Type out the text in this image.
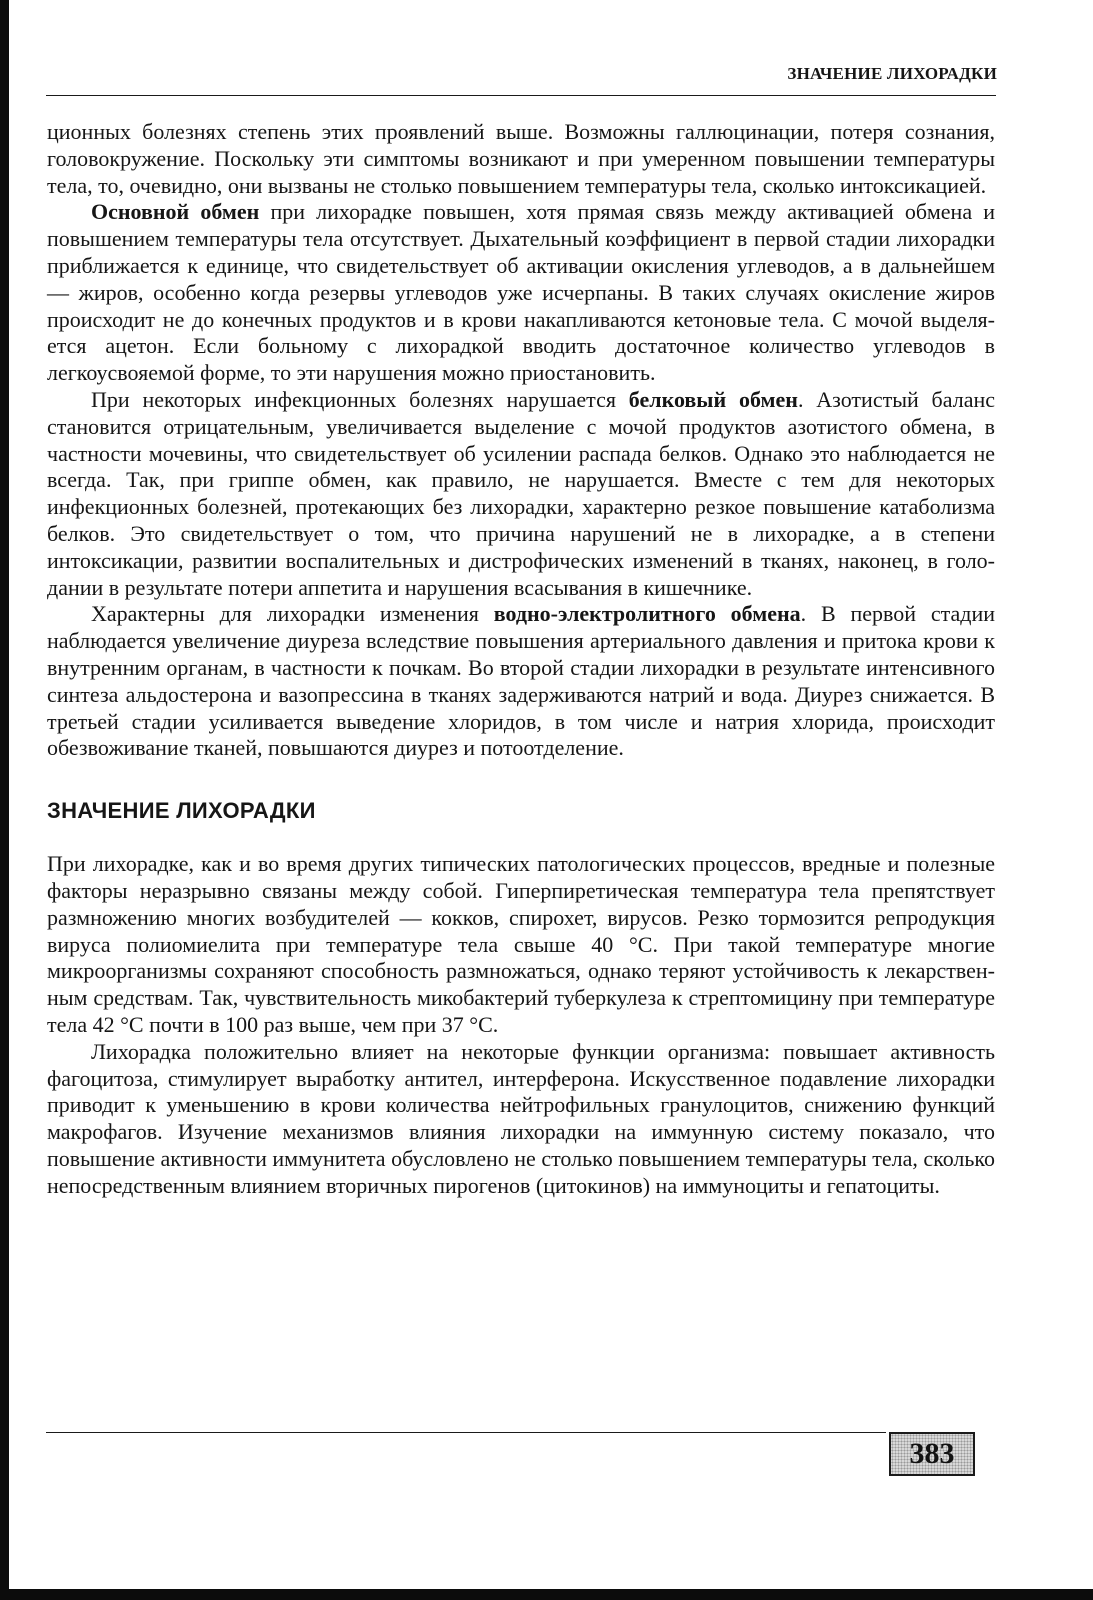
ЗНАЧЕНИЕ ЛИХОРАДКИ

ционных болезнях степень этих проявлений выше. Возможны галлюцинации, потеря сознания, головокружение. Поскольку эти симптомы возникают и при умеренном повышении температуры тела, то, очевидно, они вызваны не столько повышением температуры тела, сколько интоксикацией.

Основной обмен при лихорадке повышен, хотя прямая связь между активацией обмена и повышением температуры тела отсутствует. Дыхательный коэффициент в первой стадии лихорадки приближается к единице, что свидетельствует об активации окисления углеводов, а в дальнейшем — жиров, особенно когда резервы углеводов уже исчерпаны. В таких случаях окисление жиров происходит не до конечных продуктов и в крови накапливаются кетоновые тела. С мочой выделяется ацетон. Если больному с лихорадкой вводить достаточное количество углеводов в легкоусвояемой форме, то эти нарушения можно приостановить.

При некоторых инфекционных болезнях нарушается белковый обмен. Азотистый баланс становится отрицательным, увеличивается выделение с мочой продуктов азотистого обмена, в частности мочевины, что свидетельствует об усилении распада белков. Однако это наблюдается не всегда. Так, при гриппе обмен, как правило, не нарушается. Вместе с тем для некоторых инфекционных болезней, протекающих без лихорадки, характерно резкое повышение катаболизма белков. Это свидетельствует о том, что причина нарушений не в лихорадке, а в степени интоксикации, развитии воспалительных и дистрофических изменений в тканях, наконец, в голодании в результате потери аппетита и нарушения всасывания в кишечнике.

Характерны для лихорадки изменения водно-электролитного обмена. В первой стадии наблюдается увеличение диуреза вследствие повышения артериального давления и притока крови к внутренним органам, в частности к почкам. Во второй стадии лихорадки в результате интенсивного синтеза альдостерона и вазопрессина в тканях задерживаются натрий и вода. Диурез снижается. В третьей стадии усиливается выведение хлоридов, в том числе и натрия хлорида, происходит обезвоживание тканей, повышаются диурез и потоотделение.

ЗНАЧЕНИЕ ЛИХОРАДКИ

При лихорадке, как и во время других типических патологических процессов, вредные и полезные факторы неразрывно связаны между собой. Гиперпиретическая температура тела препятствует размножению многих возбудителей — кокков, спирохет, вирусов. Резко тормозится репродукция вируса полиомиелита при температуре тела свыше 40 °С. При такой температуре многие микроорганизмы сохраняют способность размножаться, однако теряют устойчивость к лекарственным средствам. Так, чувствительность микобактерий туберкулеза к стрептомицину при температуре тела 42 °С почти в 100 раз выше, чем при 37 °С.

Лихорадка положительно влияет на некоторые функции организма: повышает активность фагоцитоза, стимулирует выработку антител, интерферона. Искусственное подавление лихорадки приводит к уменьшению в крови количества нейтрофильных гранулоцитов, снижению функций макрофагов. Изучение механизмов влияния лихорадки на иммунную систему показало, что повышение активности иммунитета обусловлено не столько повышением температуры тела, сколько непосредственным влиянием вторичных пирогенов (цитокинов) на иммуноциты и гепатоциты.

383
